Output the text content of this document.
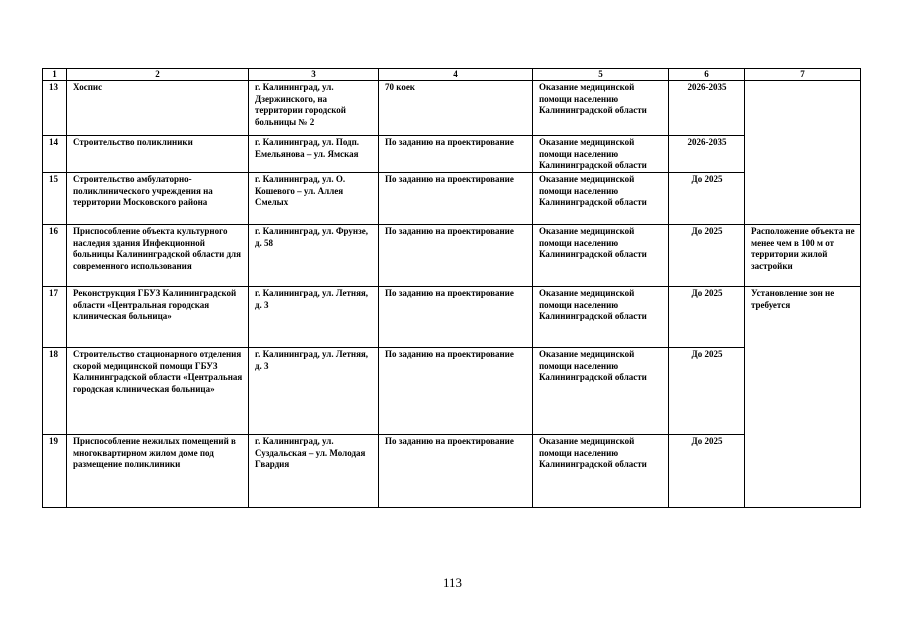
1	2	3	4	5	6	7
13	Хоспис	г. Калининград, ул. Дзержинского, на территории городской больницы № 2	70 коек	Оказание медицинской помощи населению Калининградской области	2026-2035	
14	Строительство поликлиники	г. Калининград, ул. Подп. Емельянова – ул. Ямская	По заданию на проектирование	Оказание медицинской помощи населению Калининградской области	2026-2035	
15	Строительство амбулаторно-поликлинического учреждения на территории Московского района	г. Калининград, ул. О. Кошевого – ул. Аллея Смелых	По заданию на проектирование	Оказание медицинской помощи населению Калининградской области	До 2025	
16	Приспособление объекта культурного наследия здания Инфекционной больницы Калининградской области для современного использования	г. Калининград, ул. Фрунзе, д. 58	По заданию на проектирование	Оказание медицинской помощи населению Калининградской области	До 2025	Расположение объекта не менее чем в 100 м от территории жилой застройки
17	Реконструкция ГБУЗ Калининградской области «Центральная городская клиническая больница»	г. Калининград, ул. Летняя, д. 3	По заданию на проектирование	Оказание медицинской помощи населению Калининградской области	До 2025	Установление зон не требуется
18	Строительство стационарного отделения скорой медицинской помощи ГБУЗ Калининградской области «Центральная городская клиническая больница»	г. Калининград, ул. Летняя, д. 3	По заданию на проектирование	Оказание медицинской помощи населению Калининградской области	До 2025	
19	Приспособление нежилых помещений в многоквартирном жилом доме под размещение поликлиники	г. Калининград, ул. Суздальская – ул. Молодая Гвардия	По заданию на проектирование	Оказание медицинской помощи населению Калининградской области	До 2025	
113
